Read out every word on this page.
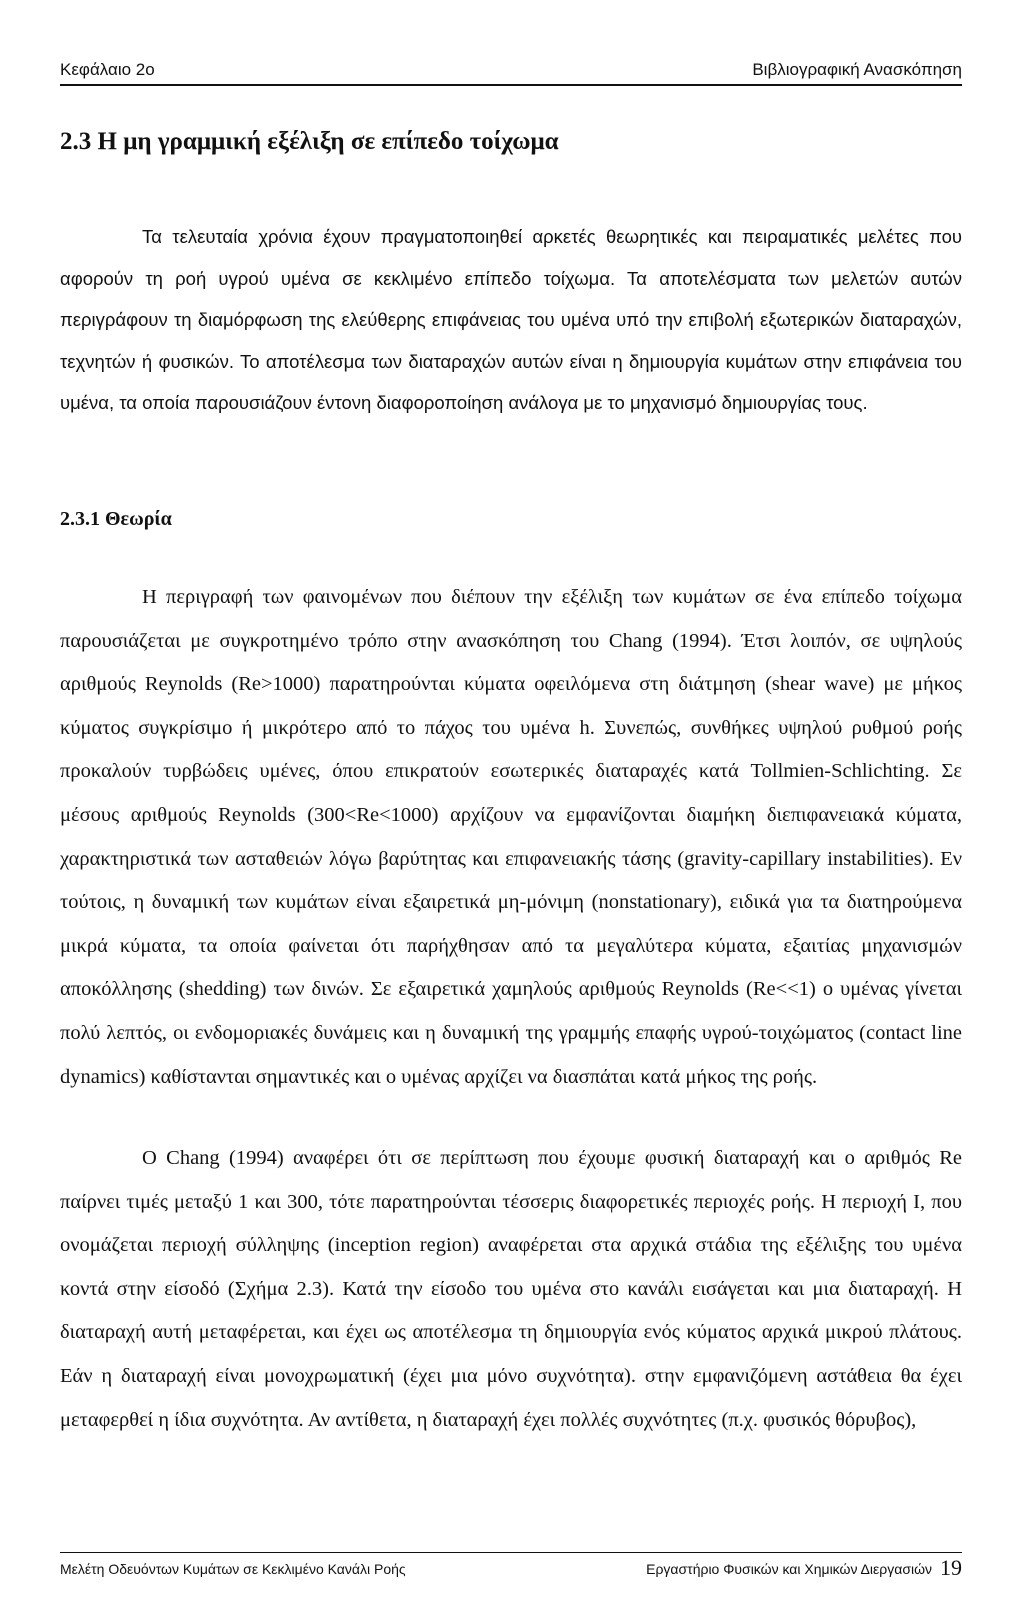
Κεφάλαιο 2ο	Βιβλιογραφική Ανασκόπηση
2.3 Η μη γραμμική εξέλιξη σε επίπεδο τοίχωμα

Τα τελευταία χρόνια έχουν πραγματοποιηθεί αρκετές θεωρητικές και πειραματικές μελέτες που αφορούν τη ροή υγρού υμένα σε κεκλιμένο επίπεδο τοίχωμα. Τα αποτελέσματα των μελετών αυτών περιγράφουν τη διαμόρφωση της ελεύθερης επιφάνειας του υμένα υπό την επιβολή εξωτερικών διαταραχών, τεχνητών ή φυσικών. Το αποτέλεσμα των διαταραχών αυτών είναι η δημιουργία κυμάτων στην επιφάνεια του υμένα, τα οποία παρουσιάζουν έντονη διαφοροποίηση ανάλογα με το μηχανισμό δημιουργίας τους.

2.3.1 Θεωρία

Η περιγραφή των φαινομένων που διέπουν την εξέλιξη των κυμάτων σε ένα επίπεδο τοίχωμα παρουσιάζεται με συγκροτημένο τρόπο στην ανασκόπηση του Chang (1994). Έτσι λοιπόν, σε υψηλούς αριθμούς Reynolds (Re>1000) παρατηρούνται κύματα οφειλόμενα στη διάτμηση (shear wave) με μήκος κύματος συγκρίσιμο ή μικρότερο από το πάχος του υμένα h. Συνεπώς, συνθήκες υψηλού ρυθμού ροής προκαλούν τυρβώδεις υμένες, όπου επικρατούν εσωτερικές διαταραχές κατά Tollmien-Schlichting. Σε μέσους αριθμούς Reynolds (300<Re<1000) αρχίζουν να εμφανίζονται διαμήκη διεπιφανειακά κύματα, χαρακτηριστικά των ασταθειών λόγω βαρύτητας και επιφανειακής τάσης (gravity-capillary instabilities). Εν τούτοις, η δυναμική των κυμάτων είναι εξαιρετικά μη-μόνιμη (nonstationary), ειδικά για τα διατηρούμενα μικρά κύματα, τα οποία φαίνεται ότι παρήχθησαν από τα μεγαλύτερα κύματα, εξαιτίας μηχανισμών αποκόλλησης (shedding) των δινών. Σε εξαιρετικά χαμηλούς αριθμούς Reynolds (Re<<1) ο υμένας γίνεται πολύ λεπτός, οι ενδομοριακές δυνάμεις και η δυναμική της γραμμής επαφής υγρού-τοιχώματος (contact line dynamics) καθίστανται σημαντικές και ο υμένας αρχίζει να διασπάται κατά μήκος της ροής.

Ο Chang (1994) αναφέρει ότι σε περίπτωση που έχουμε φυσική διαταραχή και ο αριθμός Re παίρνει τιμές μεταξύ 1 και 300, τότε παρατηρούνται τέσσερις διαφορετικές περιοχές ροής. Η περιοχή I, που ονομάζεται περιοχή σύλληψης (inception region) αναφέρεται στα αρχικά στάδια της εξέλιξης του υμένα κοντά στην είσοδό (Σχήμα 2.3). Κατά την είσοδο του υμένα στο κανάλι εισάγεται και μια διαταραχή. Η διαταραχή αυτή μεταφέρεται, και έχει ως αποτέλεσμα τη δημιουργία ενός κύματος αρχικά μικρού πλάτους. Εάν η διαταραχή είναι μονοχρωματική (έχει μια μόνο συχνότητα). στην εμφανιζόμενη αστάθεια θα έχει μεταφερθεί η ίδια συχνότητα. Αν αντίθετα, η διαταραχή έχει πολλές συχνότητες (π.χ. φυσικός θόρυβος),

Μελέτη Οδευόντων Κυμάτων σε Κεκλιμένο Κανάλι Ροής	Εργαστήριο Φυσικών και Χημικών Διεργασιών 19
